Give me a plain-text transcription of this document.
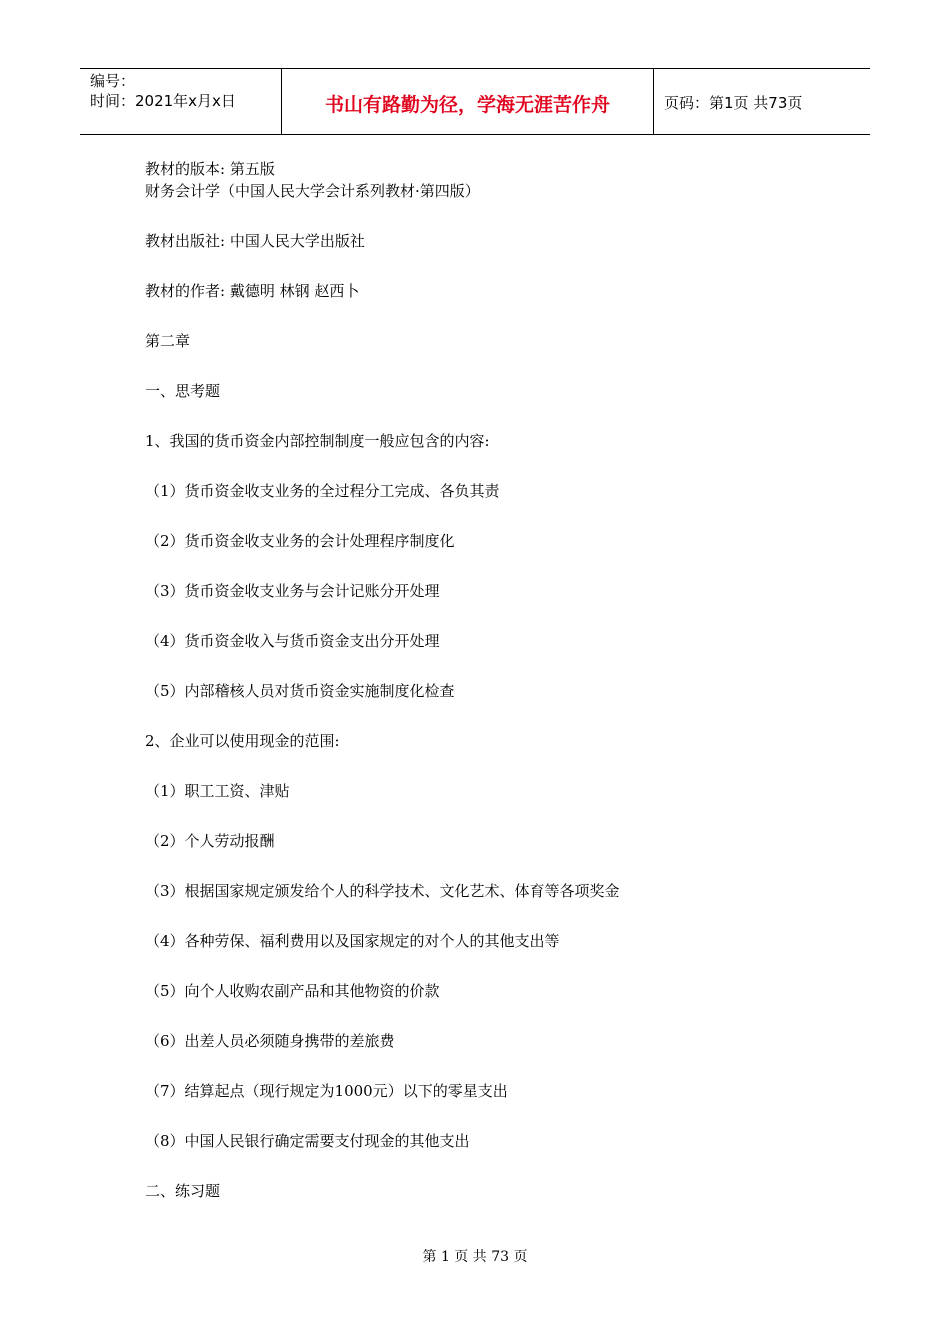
编号：
时间：2021年x月x日	书山有路勤为径，学海无涯苦作舟	页码：第1页 共73页

教材的版本: 第五版

财务会计学（中国人民大学会计系列教材·第四版）

教材出版社: 中国人民大学出版社

教材的作者: 戴德明 林钢 赵西卜

第二章

一、思考题

1、我国的货币资金内部控制制度一般应包含的内容:

（1）货币资金收支业务的全过程分工完成、各负其责

（2）货币资金收支业务的会计处理程序制度化

（3）货币资金收支业务与会计记账分开处理

（4）货币资金收入与货币资金支出分开处理

（5）内部稽核人员对货币资金实施制度化检查

2、企业可以使用现金的范围:

（1）职工工资、津贴

（2）个人劳动报酬

（3）根据国家规定颁发给个人的科学技术、文化艺术、体育等各项奖金

（4）各种劳保、福利费用以及国家规定的对个人的其他支出等

（5）向个人收购农副产品和其他物资的价款

（6）出差人员必须随身携带的差旅费

（7）结算起点（现行规定为1000元）以下的零星支出

（8）中国人民银行确定需要支付现金的其他支出

二、练习题

第 1 页 共 73 页
